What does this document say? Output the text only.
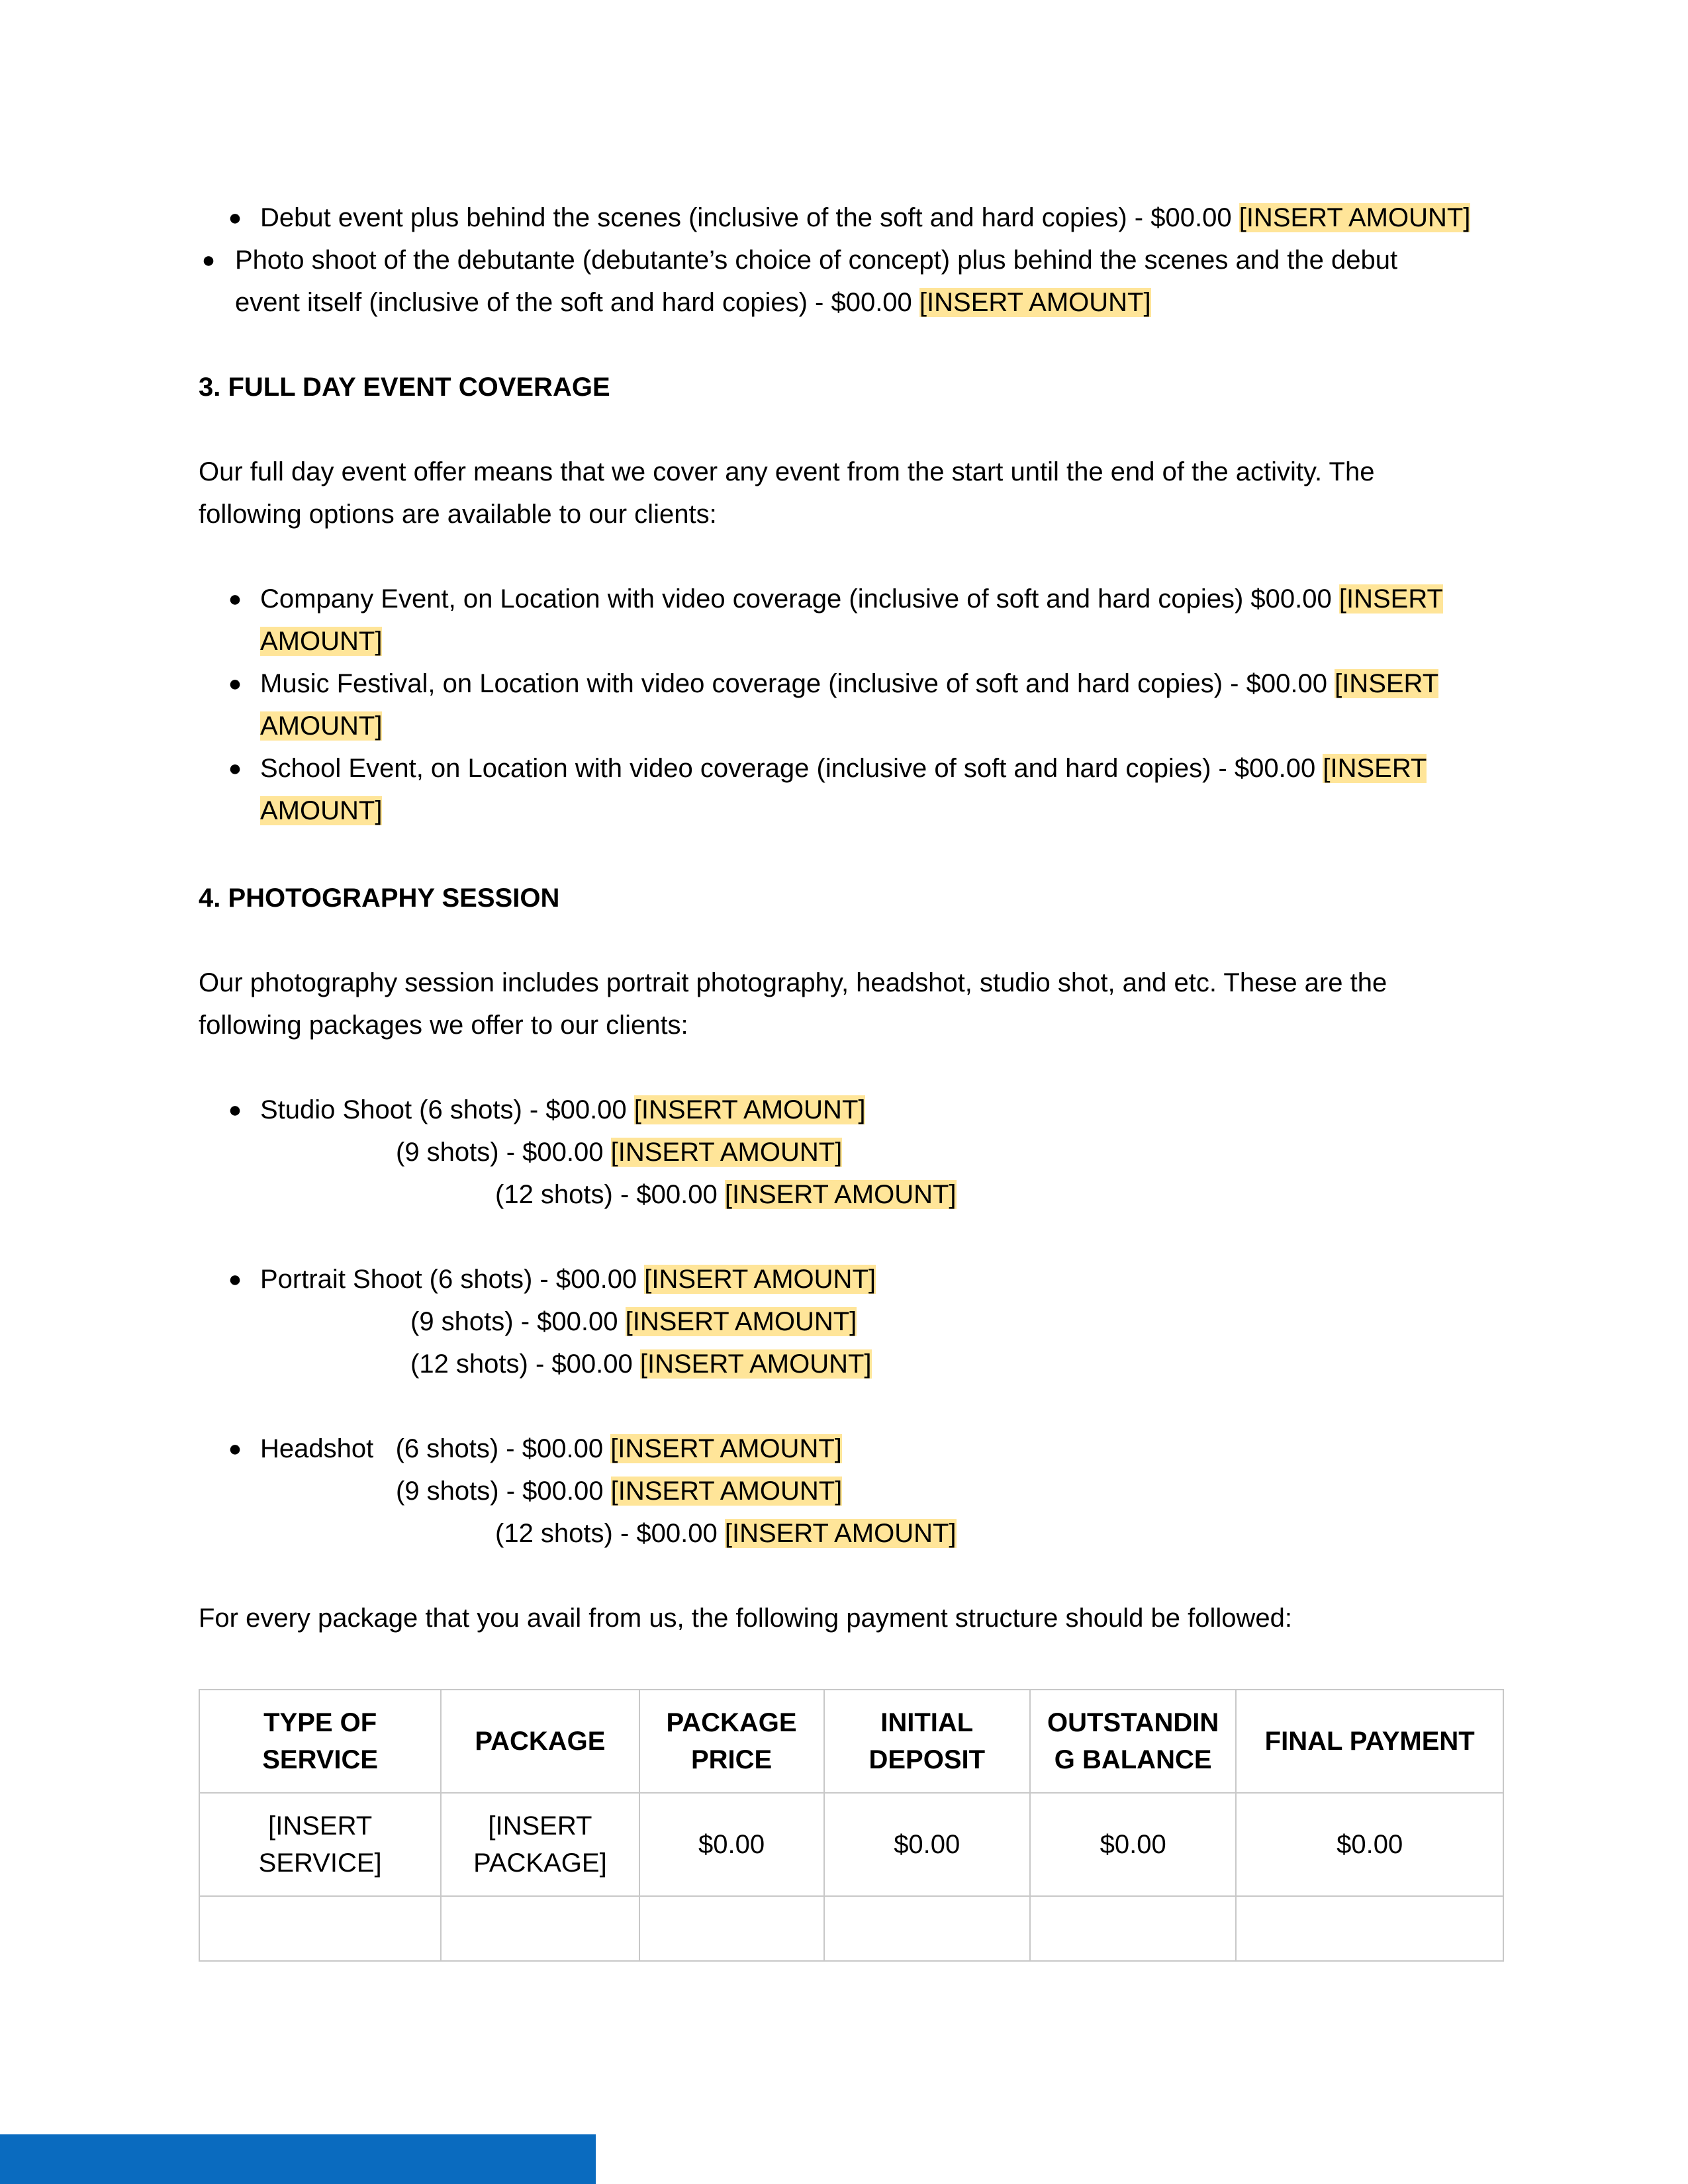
● Debut event plus behind the scenes (inclusive of the soft and hard copies) - $00.00 [INSERT AMOUNT]
● Photo shoot of the debutante (debutante’s choice of concept) plus behind the scenes and the debut
event itself (inclusive of the soft and hard copies) - $00.00 [INSERT AMOUNT]
3. FULL DAY EVENT COVERAGE
Our full day event offer means that we cover any event from the start until the end of the activity. The
following options are available to our clients:
● Company Event, on Location with video coverage (inclusive of soft and hard copies) $00.00 [INSERT
AMOUNT]
● Music Festival, on Location with video coverage (inclusive of soft and hard copies) - $00.00 [INSERT
AMOUNT]
● School Event, on Location with video coverage (inclusive of soft and hard copies) - $00.00 [INSERT
AMOUNT]
4. PHOTOGRAPHY SESSION
Our photography session includes portrait photography, headshot, studio shot, and etc. These are the
following packages we offer to our clients:
● Studio Shoot (6 shots) - $00.00 [INSERT AMOUNT]
(9 shots) - $00.00 [INSERT AMOUNT]
(12 shots) - $00.00 [INSERT AMOUNT]
● Portrait Shoot (6 shots) - $00.00 [INSERT AMOUNT]
(9 shots) - $00.00 [INSERT AMOUNT]
(12 shots) - $00.00 [INSERT AMOUNT]
● Headshot   (6 shots) - $00.00 [INSERT AMOUNT]
(9 shots) - $00.00 [INSERT AMOUNT]
(12 shots) - $00.00 [INSERT AMOUNT]
For every package that you avail from us, the following payment structure should be followed:
TYPE OF SERVICE	PACKAGE	PACKAGE PRICE	INITIAL DEPOSIT	OUTSTANDIN G BALANCE	FINAL PAYMENT
[INSERT SERVICE]	[INSERT PACKAGE]	$0.00	$0.00	$0.00	$0.00
